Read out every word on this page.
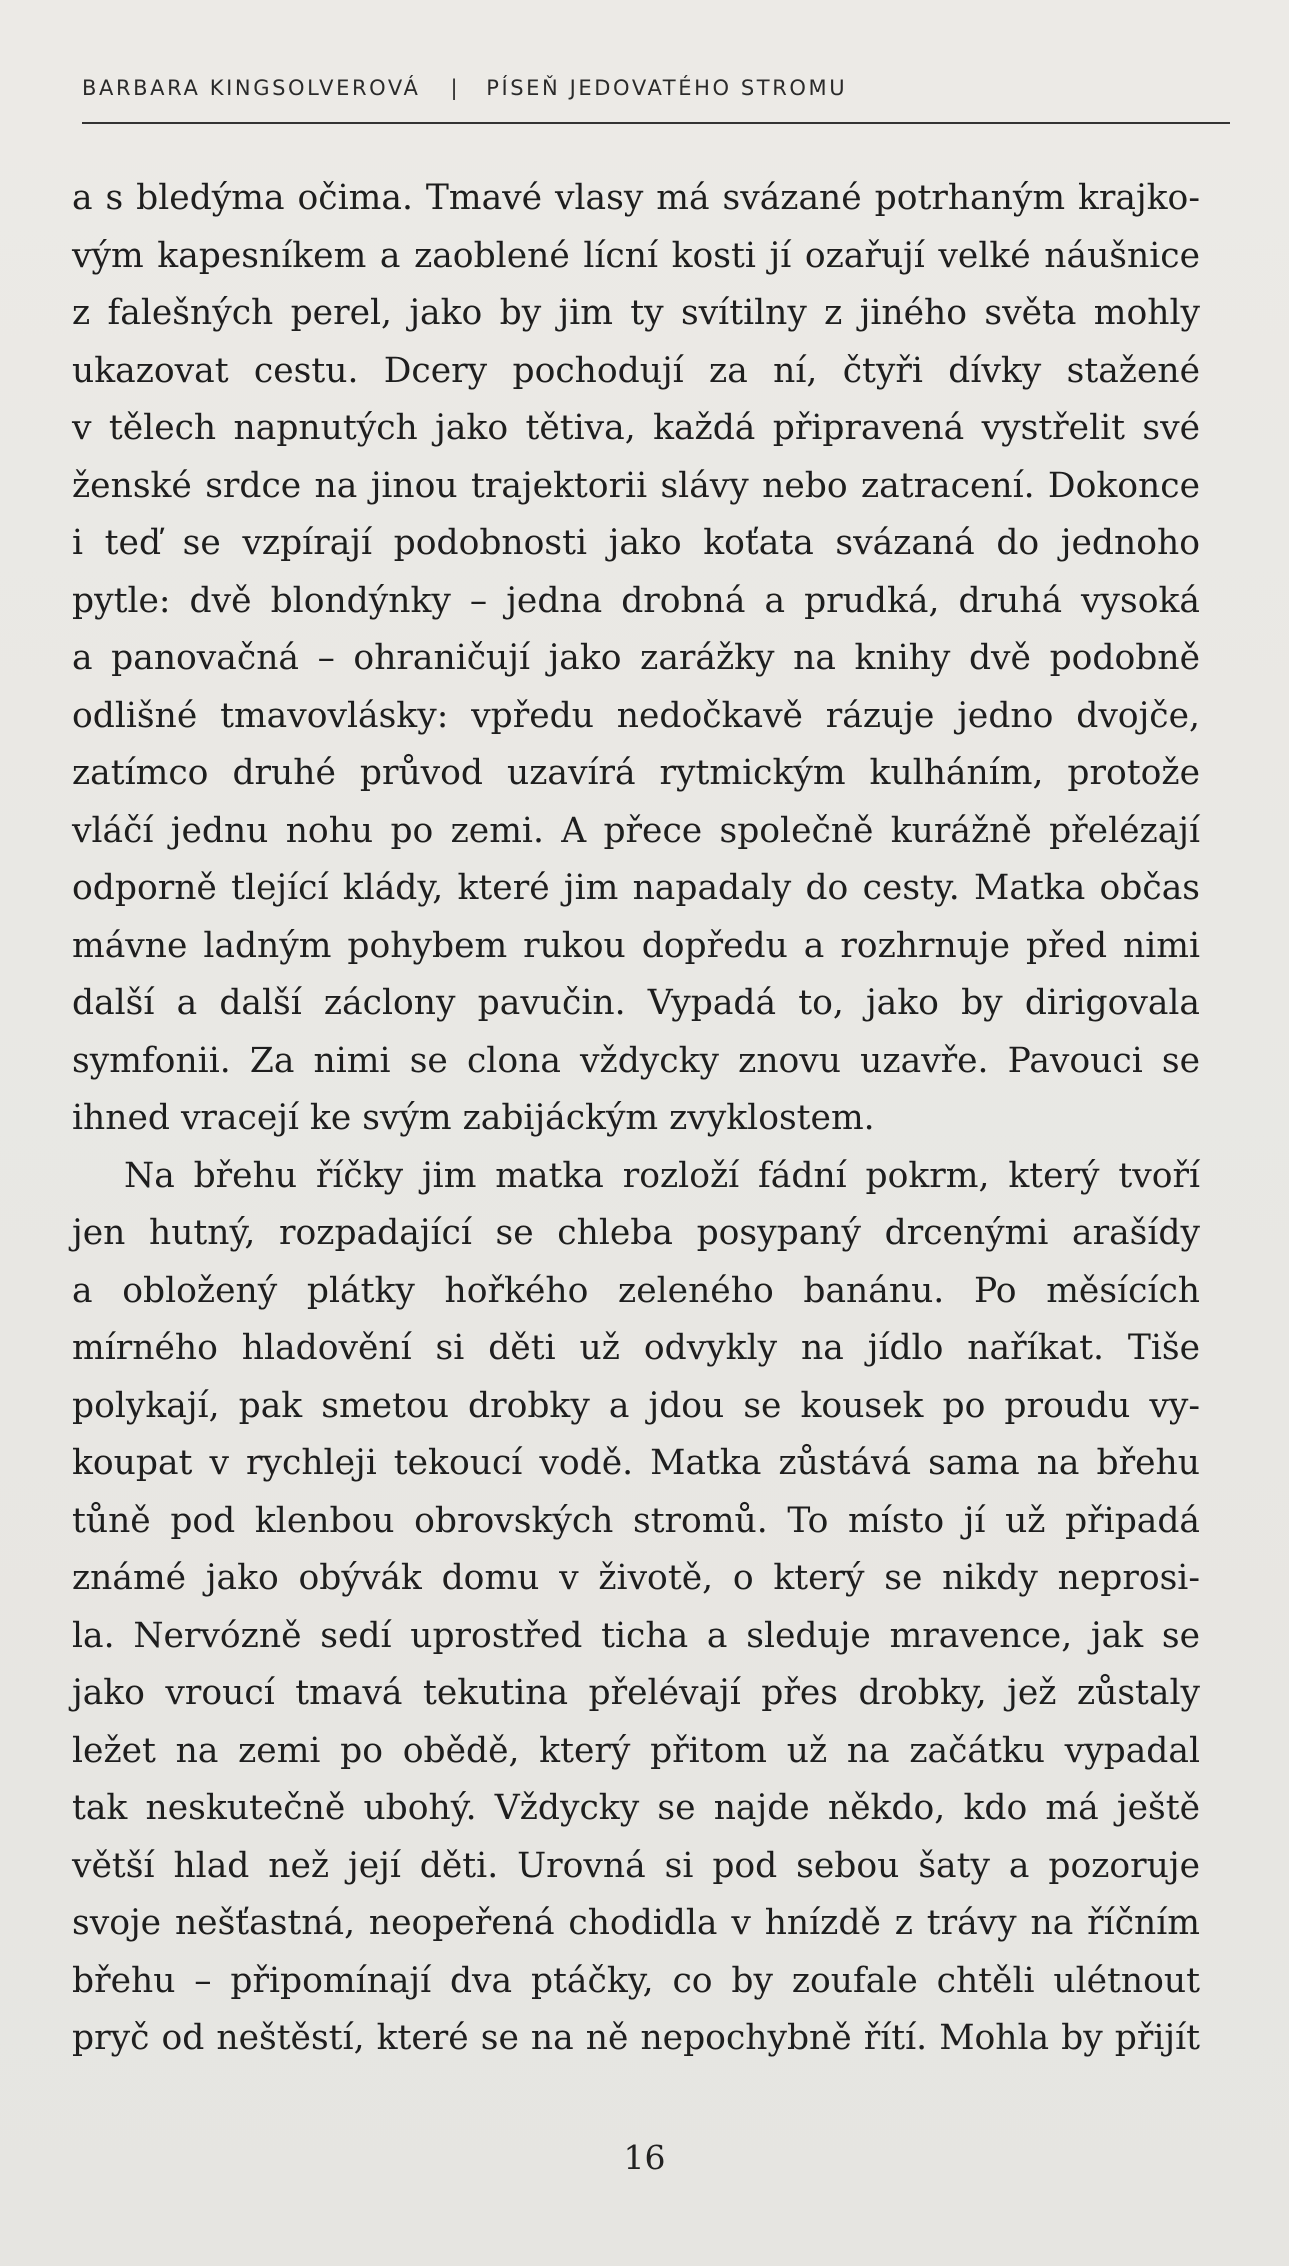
BARBARA KINGSOLVEROVÁ | PÍSEŇ JEDOVATÉHO STROMU
a s bledýma očima. Tmavé vlasy má svázané potrhaným krajko-
vým kapesníkem a zaoblené lícní kosti jí ozařují velké náušnice
z falešných perel, jako by jim ty svítilny z jiného světa mohly
ukazovat cestu. Dcery pochodují za ní, čtyři dívky stažené
v tělech napnutých jako tětiva, každá připravená vystřelit své
ženské srdce na jinou trajektorii slávy nebo zatracení. Dokonce
i teď se vzpírají podobnosti jako koťata svázaná do jednoho
pytle: dvě blondýnky – jedna drobná a prudká, druhá vysoká
a panovačná – ohraničují jako zarážky na knihy dvě podobně
odlišné tmavovlásky: vpředu nedočkavě rázuje jedno dvojče,
zatímco druhé průvod uzavírá rytmickým kulháním, protože
vláčí jednu nohu po zemi. A přece společně kurážně přelézají
odporně tlející klády, které jim napadaly do cesty. Matka občas
mávne ladným pohybem rukou dopředu a rozhrnuje před nimi
další a další záclony pavučin. Vypadá to, jako by dirigovala
symfonii. Za nimi se clona vždycky znovu uzavře. Pavouci se
ihned vracejí ke svým zabijáckým zvyklostem.
Na břehu říčky jim matka rozloží fádní pokrm, který tvoří
jen hutný, rozpadající se chleba posypaný drcenými arašídy
a obložený plátky hořkého zeleného banánu. Po měsících
mírného hladovění si děti už odvykly na jídlo naříkat. Tiše
polykají, pak smetou drobky a jdou se kousek po proudu vy-
koupat v rychleji tekoucí vodě. Matka zůstává sama na břehu
tůně pod klenbou obrovských stromů. To místo jí už připadá
známé jako obývák domu v životě, o který se nikdy neprosi-
la. Nervózně sedí uprostřed ticha a sleduje mravence, jak se
jako vroucí tmavá tekutina přelévají přes drobky, jež zůstaly
ležet na zemi po obědě, který přitom už na začátku vypadal
tak neskutečně ubohý. Vždycky se najde někdo, kdo má ještě
větší hlad než její děti. Urovná si pod sebou šaty a pozoruje
svoje nešťastná, neopeřená chodidla v hnízdě z trávy na říčním
břehu – připomínají dva ptáčky, co by zoufale chtěli ulétnout
pryč od neštěstí, které se na ně nepochybně řítí. Mohla by přijít
16
